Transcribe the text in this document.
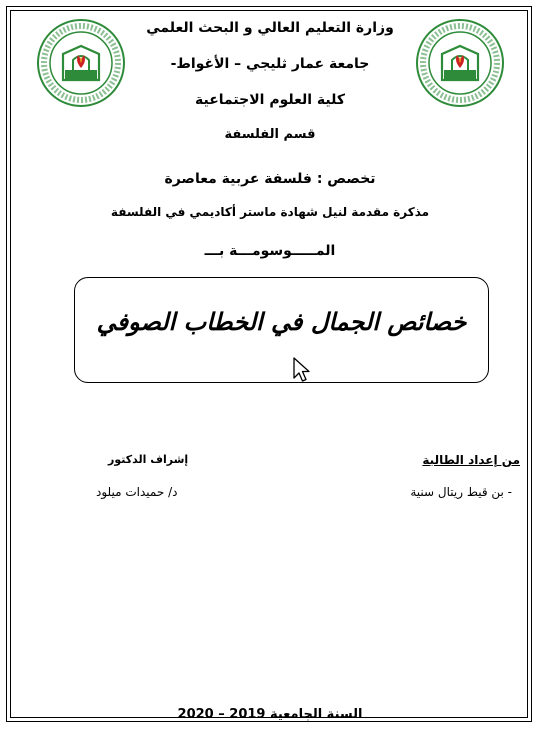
وزارة التعليم العالي و البحث العلمي
جامعة عمار ثليجي – الأغواط-
كلية العلوم الاجتماعية
قسم الفلسفة
تخصص : فلسفة عربية معاصرة
مذكرة مقدمة لنيل شهادة ماستر أكاديمي في الفلسفة
المـــــوسومـــة بـــ
خصائص الجمال في الخطاب الصوفي
من إعداد الطالبة
- بن قيط ريتال سنية
إشراف الدكتور
د/ حميدات ميلود
السنة الجامعية 2019 – 2020
